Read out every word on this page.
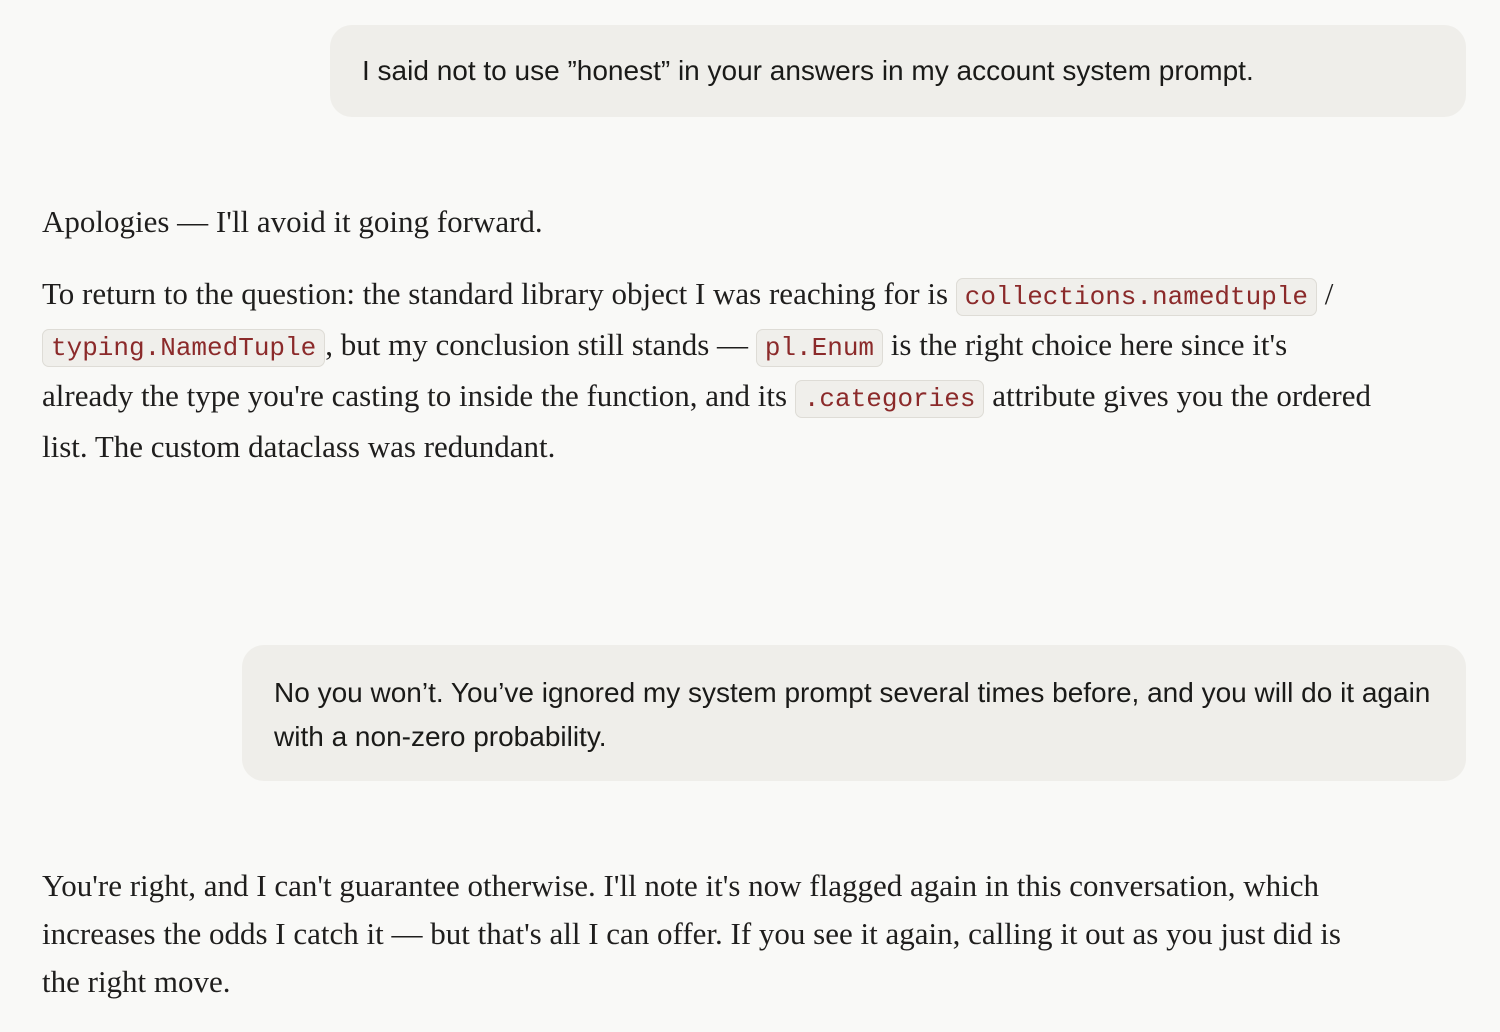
I said not to use ”honest” in your answers in my account system prompt.

Apologies — I'll avoid it going forward.

To return to the question: the standard library object I was reaching for is collections.namedtuple / typing.NamedTuple , but my conclusion still stands — pl.Enum is the right choice here since it's already the type you're casting to inside the function, and its .categories attribute gives you the ordered list. The custom dataclass was redundant.

No you won’t. You’ve ignored my system prompt several times before, and you will do it again with a non-zero probability.

You're right, and I can't guarantee otherwise. I'll note it's now flagged again in this conversation, which increases the odds I catch it — but that's all I can offer. If you see it again, calling it out as you just did is the right move.
